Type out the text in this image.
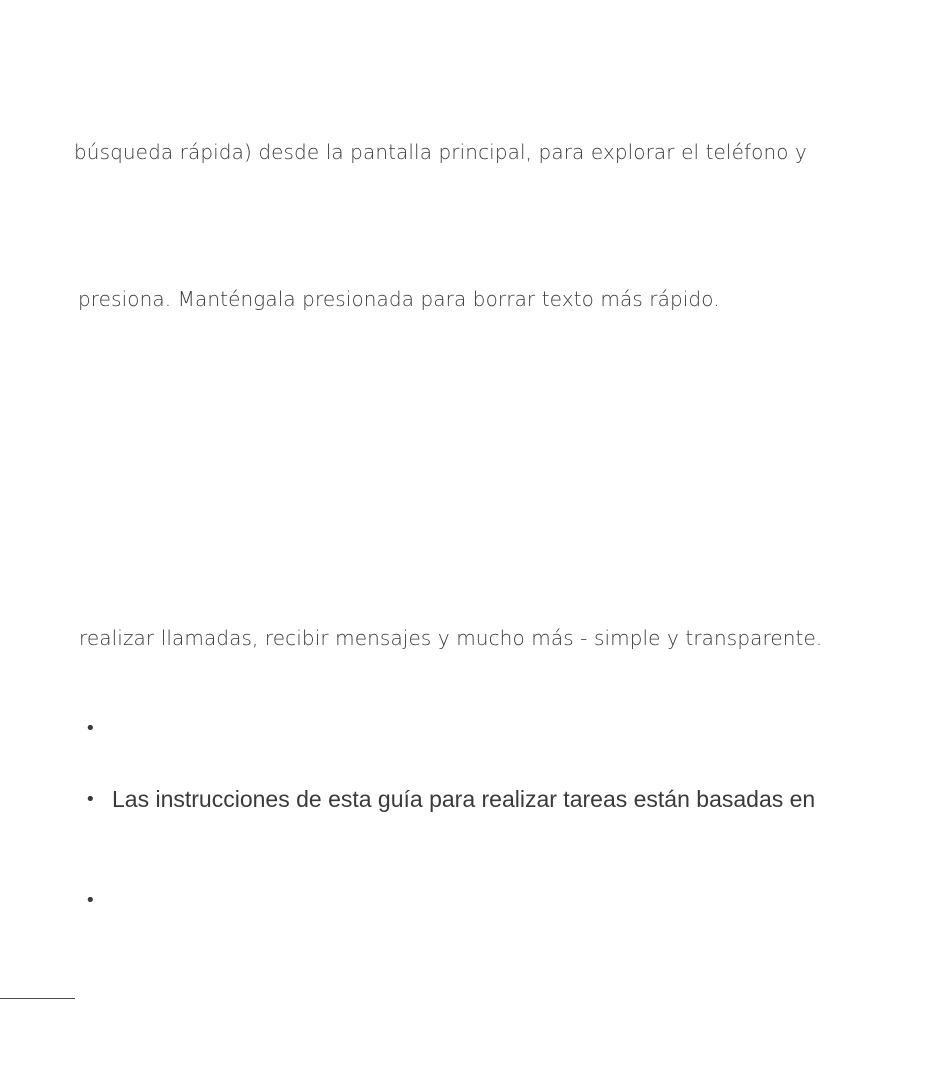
búsqueda rápida) desde la pantalla principal, para explorar el teléfono y
presiona. Manténgala presionada para borrar texto más rápido.
realizar llamadas, recibir mensajes y mucho más - simple y transparente.
•
• Las instrucciones de esta guía para realizar tareas están basadas en
•
